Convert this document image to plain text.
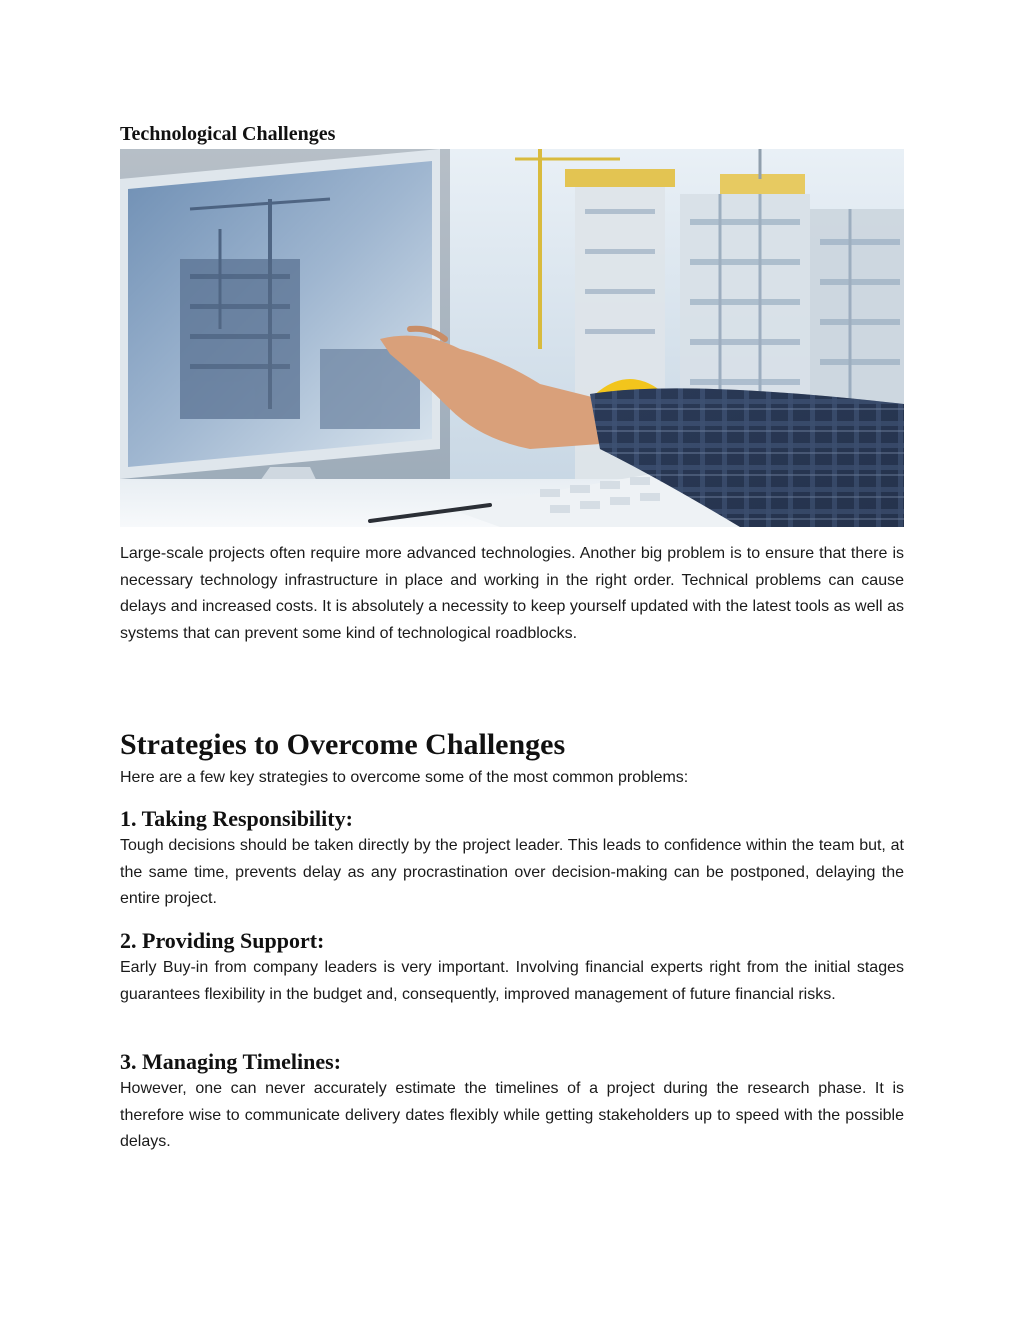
Technological Challenges

Large-scale projects often require more advanced technologies. Another big problem is to ensure that there is necessary technology infrastructure in place and working in the right order. Technical problems can cause delays and increased costs. It is absolutely a necessity to keep yourself updated with the latest tools as well as systems that can prevent some kind of technological roadblocks.

Strategies to Overcome Challenges

Here are a few key strategies to overcome some of the most common problems:

1. Taking Responsibility:

Tough decisions should be taken directly by the project leader. This leads to confidence within the team but, at the same time, prevents delay as any procrastination over decision-making can be postponed, delaying the entire project.

2. Providing Support:

Early Buy-in from company leaders is very important. Involving financial experts right from the initial stages guarantees flexibility in the budget and, consequently, improved management of future financial risks.

3. Managing Timelines:

However, one can never accurately estimate the timelines of a project during the research phase. It is therefore wise to communicate delivery dates flexibly while getting stakeholders up to speed with the possible delays.
